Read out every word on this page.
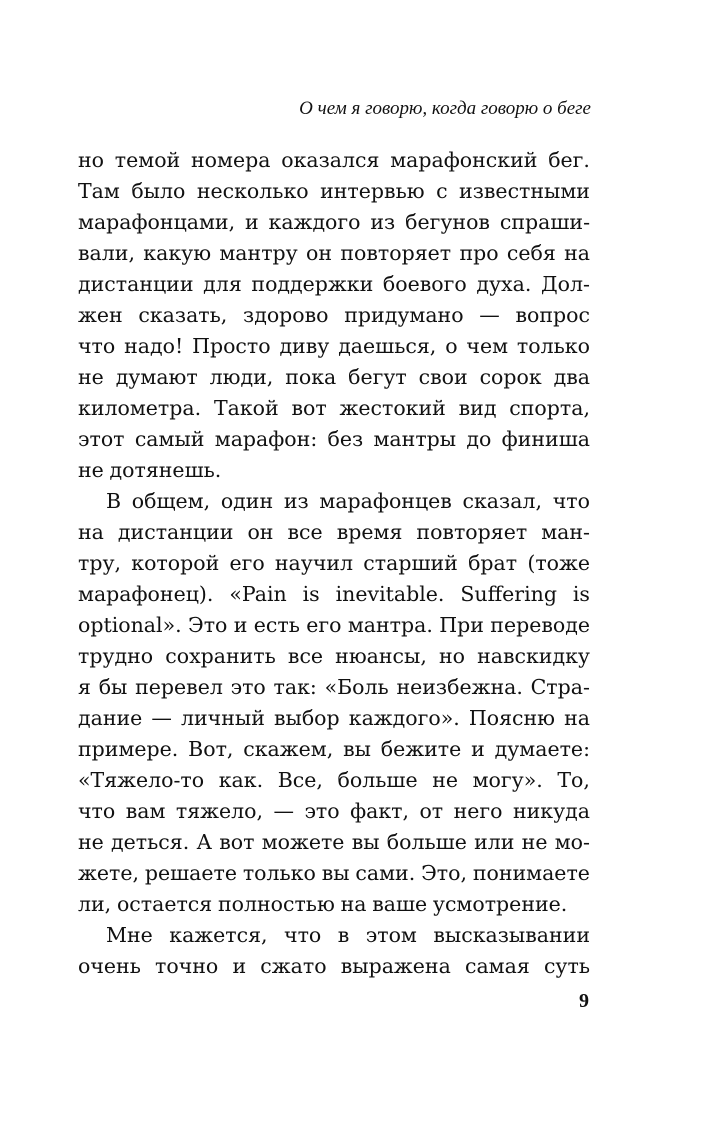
О чем я говорю, когда говорю о беге
но темой номера оказался марафонский бег.
Там было несколько интервью с известными
марафонцами, и каждого из бегунов спраши-
вали, какую мантру он повторяет про себя на
дистанции для поддержки боевого духа. Дол-
жен сказать, здорово придумано — вопрос
что надо! Просто диву даешься, о чем только
не думают люди, пока бегут свои сорок два
километра. Такой вот жестокий вид спорта,
этот самый марафон: без мантры до финиша
не дотянешь.
В общем, один из марафонцев сказал, что
на дистанции он все время повторяет ман-
тру, которой его научил старший брат (тоже
марафонец). «Pain is inevitable. Suffering is
optional». Это и есть его мантра. При переводе
трудно сохранить все нюансы, но навскидку
я бы перевел это так: «Боль неизбежна. Стра-
дание — личный выбор каждого». Поясню на
примере. Вот, скажем, вы бежите и думаете:
«Тяжело-то как. Все, больше не могу». То,
что вам тяжело, — это факт, от него никуда
не деться. А вот можете вы больше или не мо-
жете, решаете только вы сами. Это, понимаете
ли, остается полностью на ваше усмотрение.
Мне кажется, что в этом высказывании
очень точно и сжато выражена самая суть
9
